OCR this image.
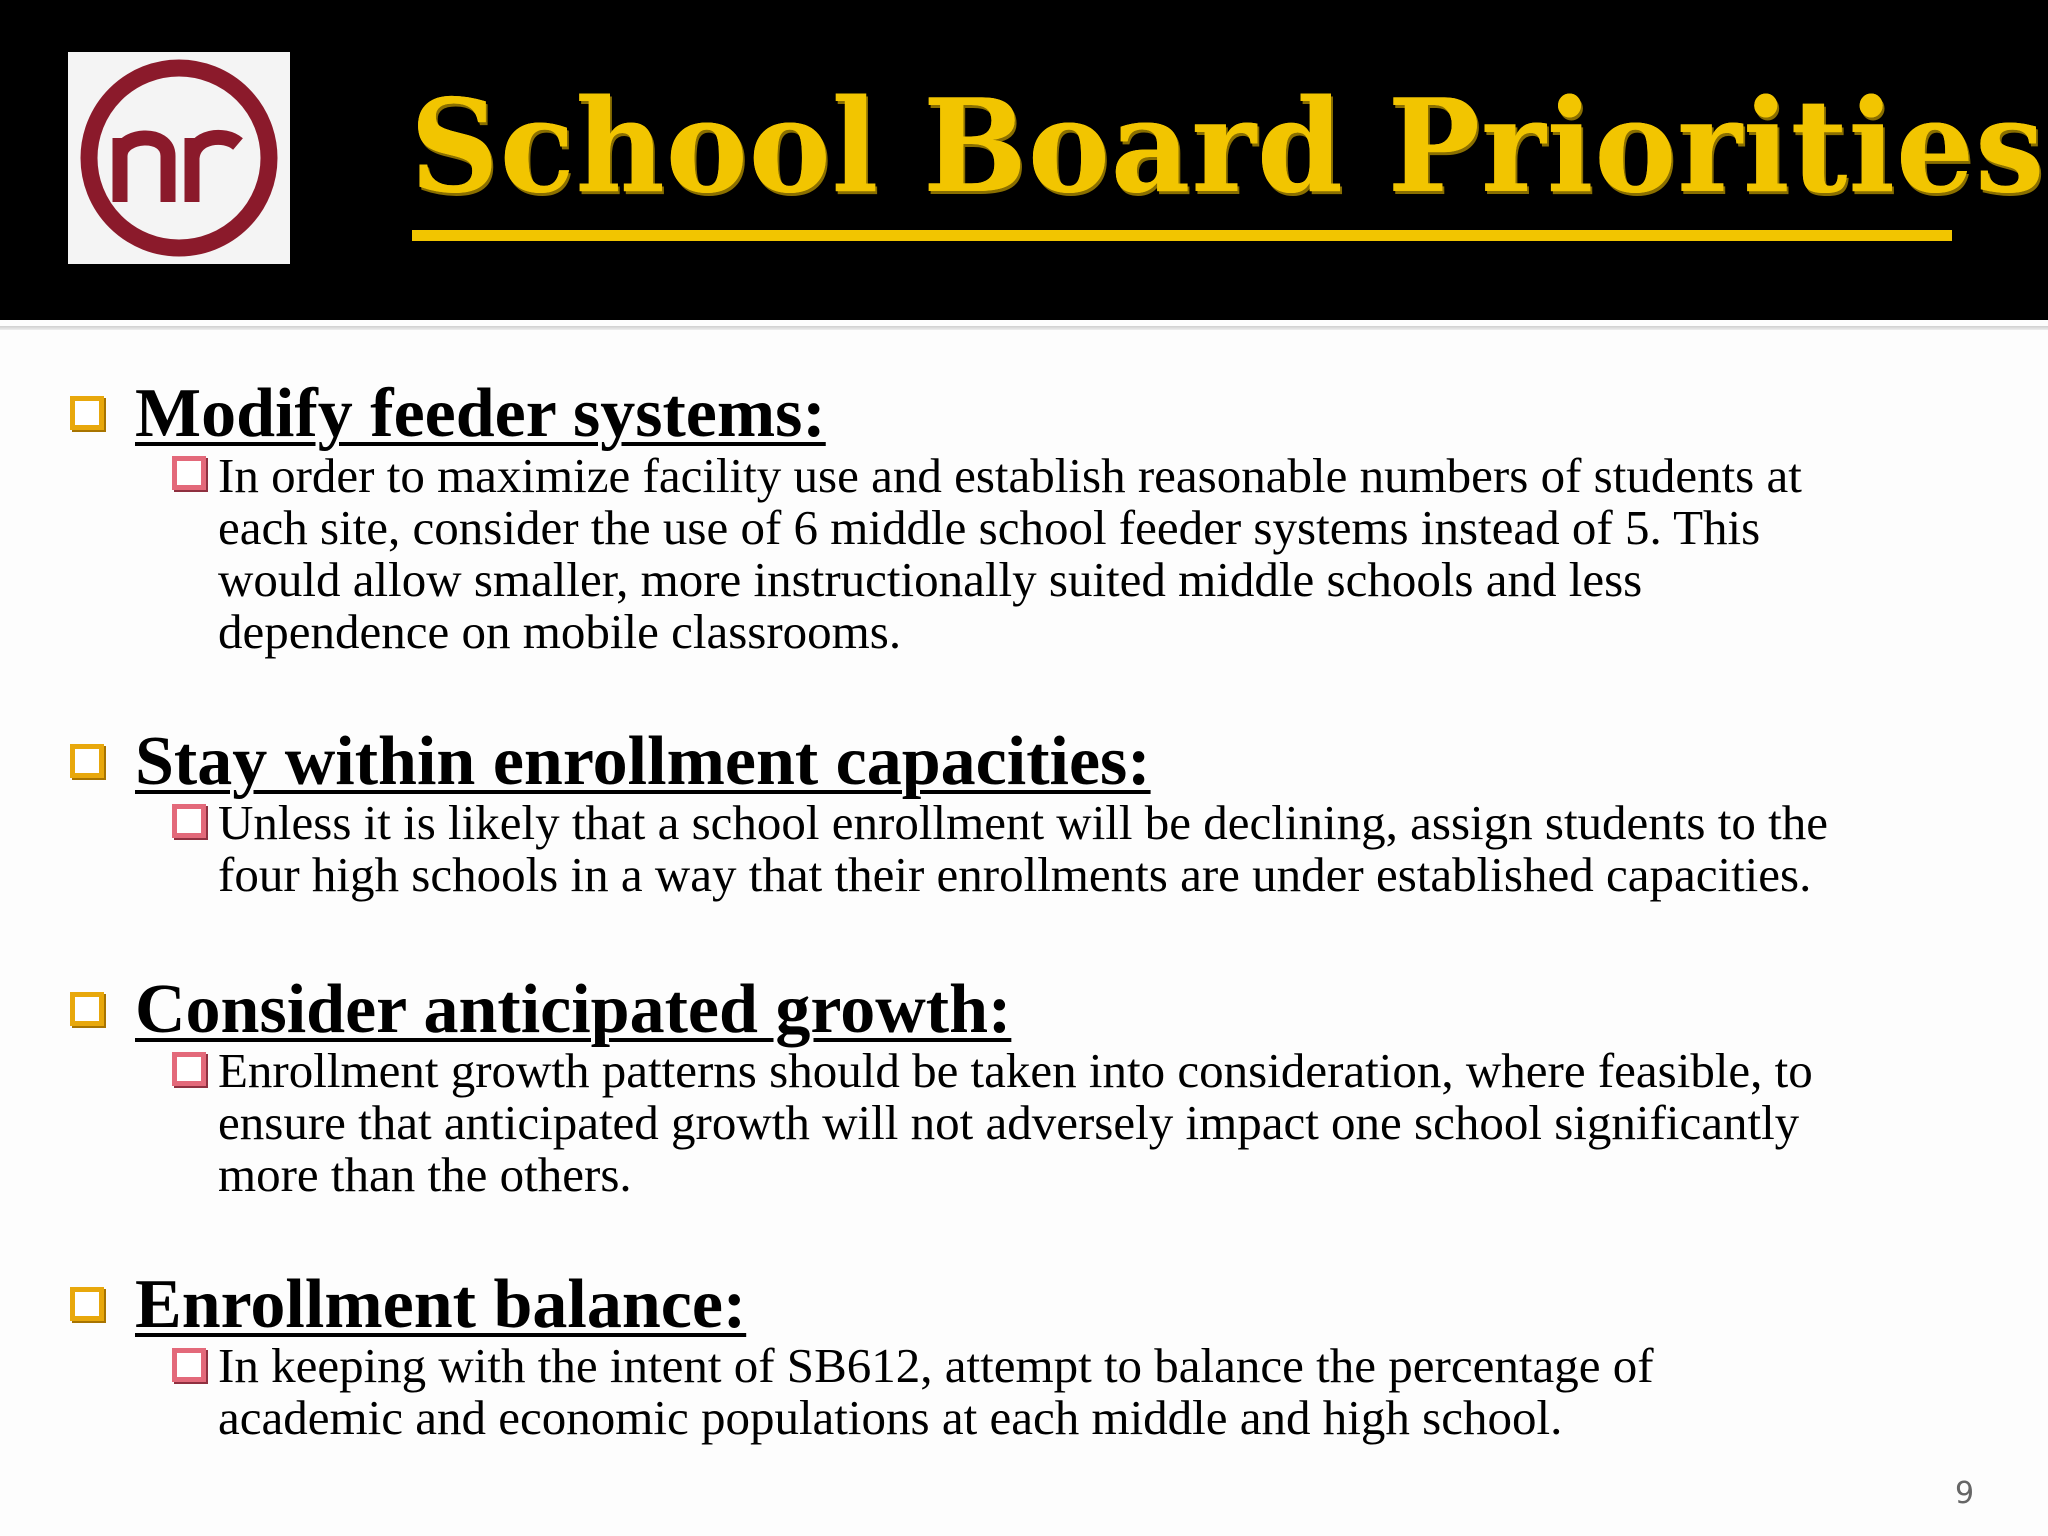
School Board Priorities
Modify feeder systems:

In order to maximize facility use and establish reasonable numbers of students at
each site, consider the use of 6 middle school feeder systems instead of 5. This
would allow smaller, more instructionally suited middle schools and less
dependence on mobile classrooms.

Stay within enrollment capacities:

Unless it is likely that a school enrollment will be declining, assign students to the
four high schools in a way that their enrollments are under established capacities.

Consider anticipated growth:

Enrollment growth patterns should be taken into consideration, where feasible, to
ensure that anticipated growth will not adversely impact one school significantly
more than the others.

Enrollment balance:

In keeping with the intent of SB612, attempt to balance the percentage of
academic and economic populations at each middle and high school.

9
